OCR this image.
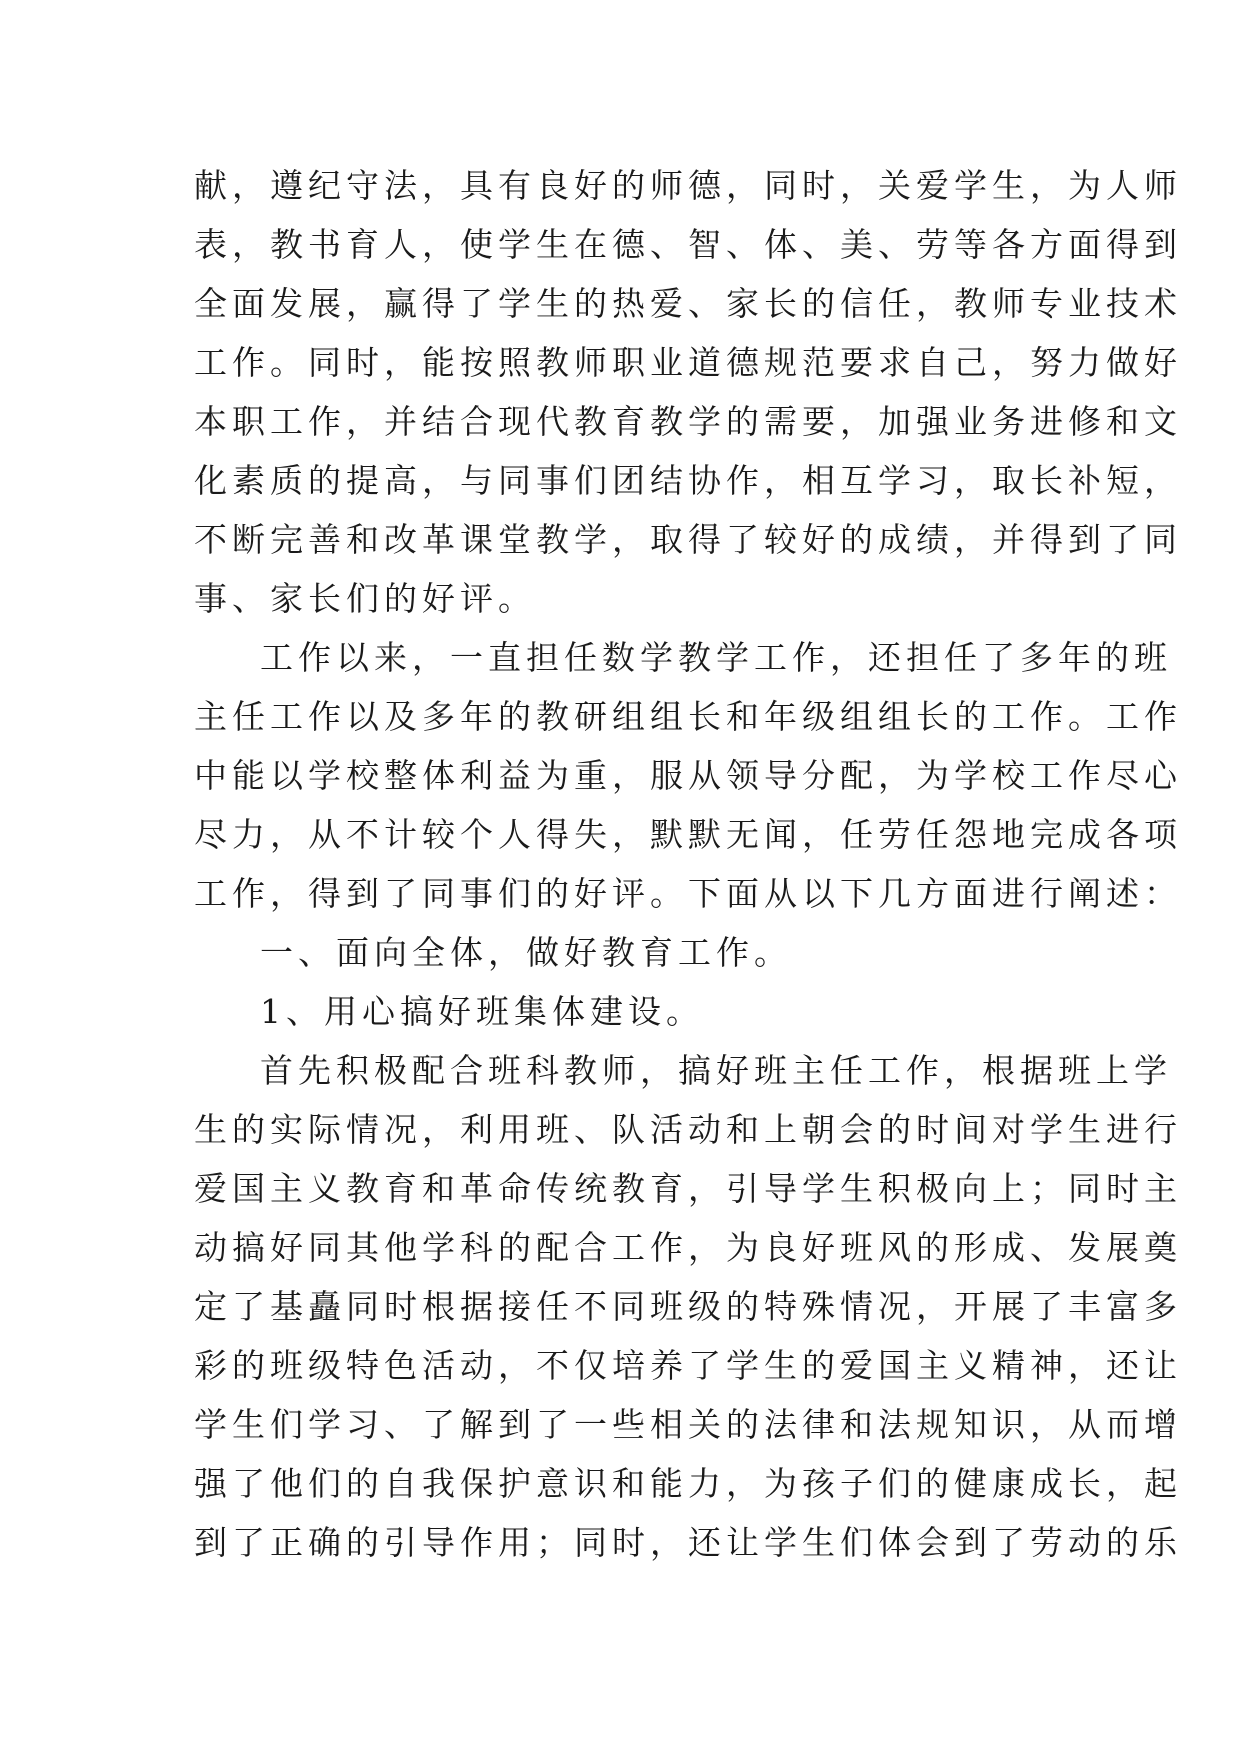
献，遵纪守法，具有良好的师德，同时，关爱学生，为人师
表，教书育人，使学生在德、智、体、美、劳等各方面得到
全面发展，赢得了学生的热爱、家长的信任，教师专业技术
工作。同时，能按照教师职业道德规范要求自己，努力做好
本职工作，并结合现代教育教学的需要，加强业务进修和文
化素质的提高，与同事们团结协作，相互学习，取长补短，
不断完善和改革课堂教学，取得了较好的成绩，并得到了同
事、家长们的好评。
工作以来，一直担任数学教学工作，还担任了多年的班
主任工作以及多年的教研组组长和年级组组长的工作。工作
中能以学校整体利益为重，服从领导分配，为学校工作尽心
尽力，从不计较个人得失，默默无闻，任劳任怨地完成各项
工作，得到了同事们的好评。下面从以下几方面进行阐述：
一、面向全体，做好教育工作。
1、用心搞好班集体建设。
首先积极配合班科教师，搞好班主任工作，根据班上学
生的实际情况，利用班、队活动和上朝会的时间对学生进行
爱国主义教育和革命传统教育，引导学生积极向上；同时主
动搞好同其他学科的配合工作，为良好班风的形成、发展奠
定了基矗同时根据接任不同班级的特殊情况，开展了丰富多
彩的班级特色活动，不仅培养了学生的爱国主义精神，还让
学生们学习、了解到了一些相关的法律和法规知识，从而增
强了他们的自我保护意识和能力，为孩子们的健康成长，起
到了正确的引导作用；同时，还让学生们体会到了劳动的乐
